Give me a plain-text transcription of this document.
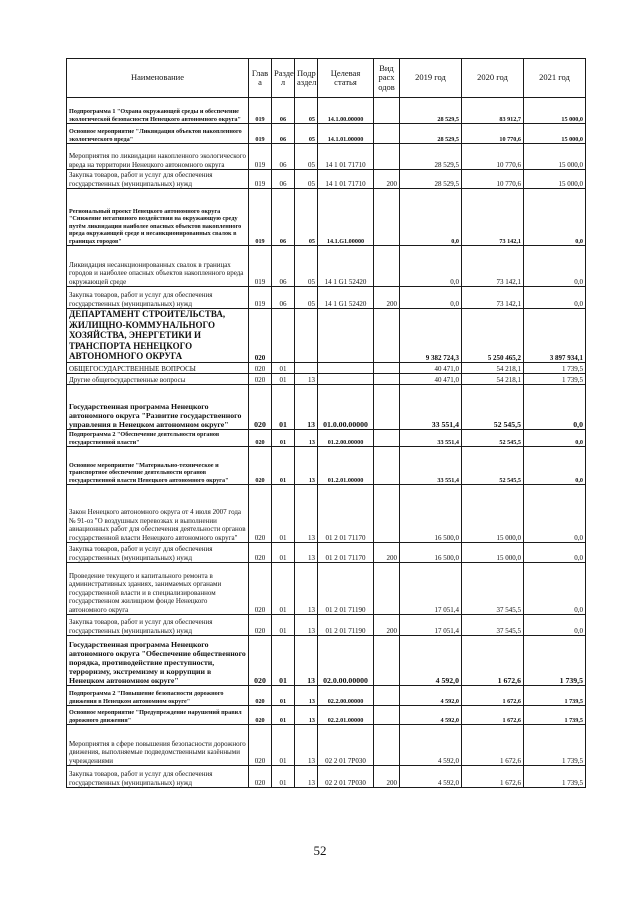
Наименование	Глав а	Разде л	Подр аздел	Целевая статья	Вид расх одов	2019 год	2020 год	2021 год
Подпрограмма 1 "Охрана окружающей среды и обеспечение экологической безопасности Ненецкого автономного округа"	019	06	05	14.1.00.00000		28 529,5	83 912,7	15 000,0
Основное мероприятие "Ликвидация объектов накопленного экологического вреда"	019	06	05	14.1.01.00000		28 529,5	10 770,6	15 000,0
Мероприятия по ликвидации накопленного экологического вреда на территории Ненецкого автономного округа	019	06	05	14 1 01 71710		28 529,5	10 770,6	15 000,0
Закупка товаров, работ и услуг для обеспечения государственных (муниципальных) нужд	019	06	05	14 1 01 71710	200	28 529,5	10 770,6	15 000,0
Региональный проект Ненецкого автономного округа "Снижение негативного воздействия на окружающую среду путём ликвидации наиболее опасных объектов накопленного вреда окружающей среде и несанкционированных свалок в границах городов"	019	06	05	14.1.G1.00000		0,0	73 142,1	0,0
Ликвидация несанкционированных свалок в границах городов и наиболее опасных объектов накопленного вреда окружающей среде	019	06	05	14 1 G1 52420		0,0	73 142,1	0,0
Закупка товаров, работ и услуг для обеспечения государственных (муниципальных) нужд	019	06	05	14 1 G1 52420	200	0,0	73 142,1	0,0
ДЕПАРТАМЕНТ СТРОИТЕЛЬСТВА, ЖИЛИЩНО-КОММУНАЛЬНОГО ХОЗЯЙСТВА, ЭНЕРГЕТИКИ И ТРАНСПОРТА НЕНЕЦКОГО АВТОНОМНОГО ОКРУГА	020					9 382 724,3	5 250 465,2	3 897 934,1
ОБЩЕГОСУДАРСТВЕННЫЕ ВОПРОСЫ	020	01				40 471,0	54 218,1	1 739,5
Другие общегосударственные вопросы	020	01	13			40 471,0	54 218,1	1 739,5
Государственная программа Ненецкого автономного округа "Развитие государственного управления в Ненецком автономном округе"	020	01	13	01.0.00.00000		33 551,4	52 545,5	0,0
Подпрограмма 2 "Обеспечение деятельности органов государственной власти"	020	01	13	01.2.00.00000		33 551,4	52 545,5	0,0
Основное мероприятие "Материально-техническое и транспортное обеспечение деятельности органов государственной власти Ненецкого автономного округа"	020	01	13	01.2.01.00000		33 551,4	52 545,5	0,0
Закон Ненецкого автономного округа от 4 июля 2007 года № 91-оз "О воздушных перевозках и выполнении авиационных работ для обеспечения деятельности органов государственной власти Ненецкого автономного округа"	020	01	13	01 2 01 71170		16 500,0	15 000,0	0,0
Закупка товаров, работ и услуг для обеспечения государственных (муниципальных) нужд	020	01	13	01 2 01 71170	200	16 500,0	15 000,0	0,0
Проведение текущего и капитального ремонта в административных зданиях, занимаемых органами государственной власти и в специализированном государственном жилищном фонде Ненецкого автономного округа	020	01	13	01 2 01 71190		17 051,4	37 545,5	0,0
Закупка товаров, работ и услуг для обеспечения государственных (муниципальных) нужд	020	01	13	01 2 01 71190	200	17 051,4	37 545,5	0,0
Государственная программа Ненецкого автономного округа "Обеспечение общественного порядка, противодействие преступности, терроризму, экстремизму и коррупции в Ненецком автономном округе"	020	01	13	02.0.00.00000		4 592,0	1 672,6	1 739,5
Подпрограмма 2 "Повышение безопасности дорожного движения в Ненецком автономном округе"	020	01	13	02.2.00.00000		4 592,0	1 672,6	1 739,5
Основное мероприятие "Предупреждение нарушений правил дорожного движения"	020	01	13	02.2.01.00000		4 592,0	1 672,6	1 739,5
Мероприятия в сфере повышения безопасности дорожного движения, выполняемые подведомственными казёнными учреждениями	020	01	13	02 2 01 7Р030		4 592,0	1 672,6	1 739,5
Закупка товаров, работ и услуг для обеспечения государственных (муниципальных) нужд	020	01	13	02 2 01 7Р030	200	4 592,0	1 672,6	1 739,5
52
